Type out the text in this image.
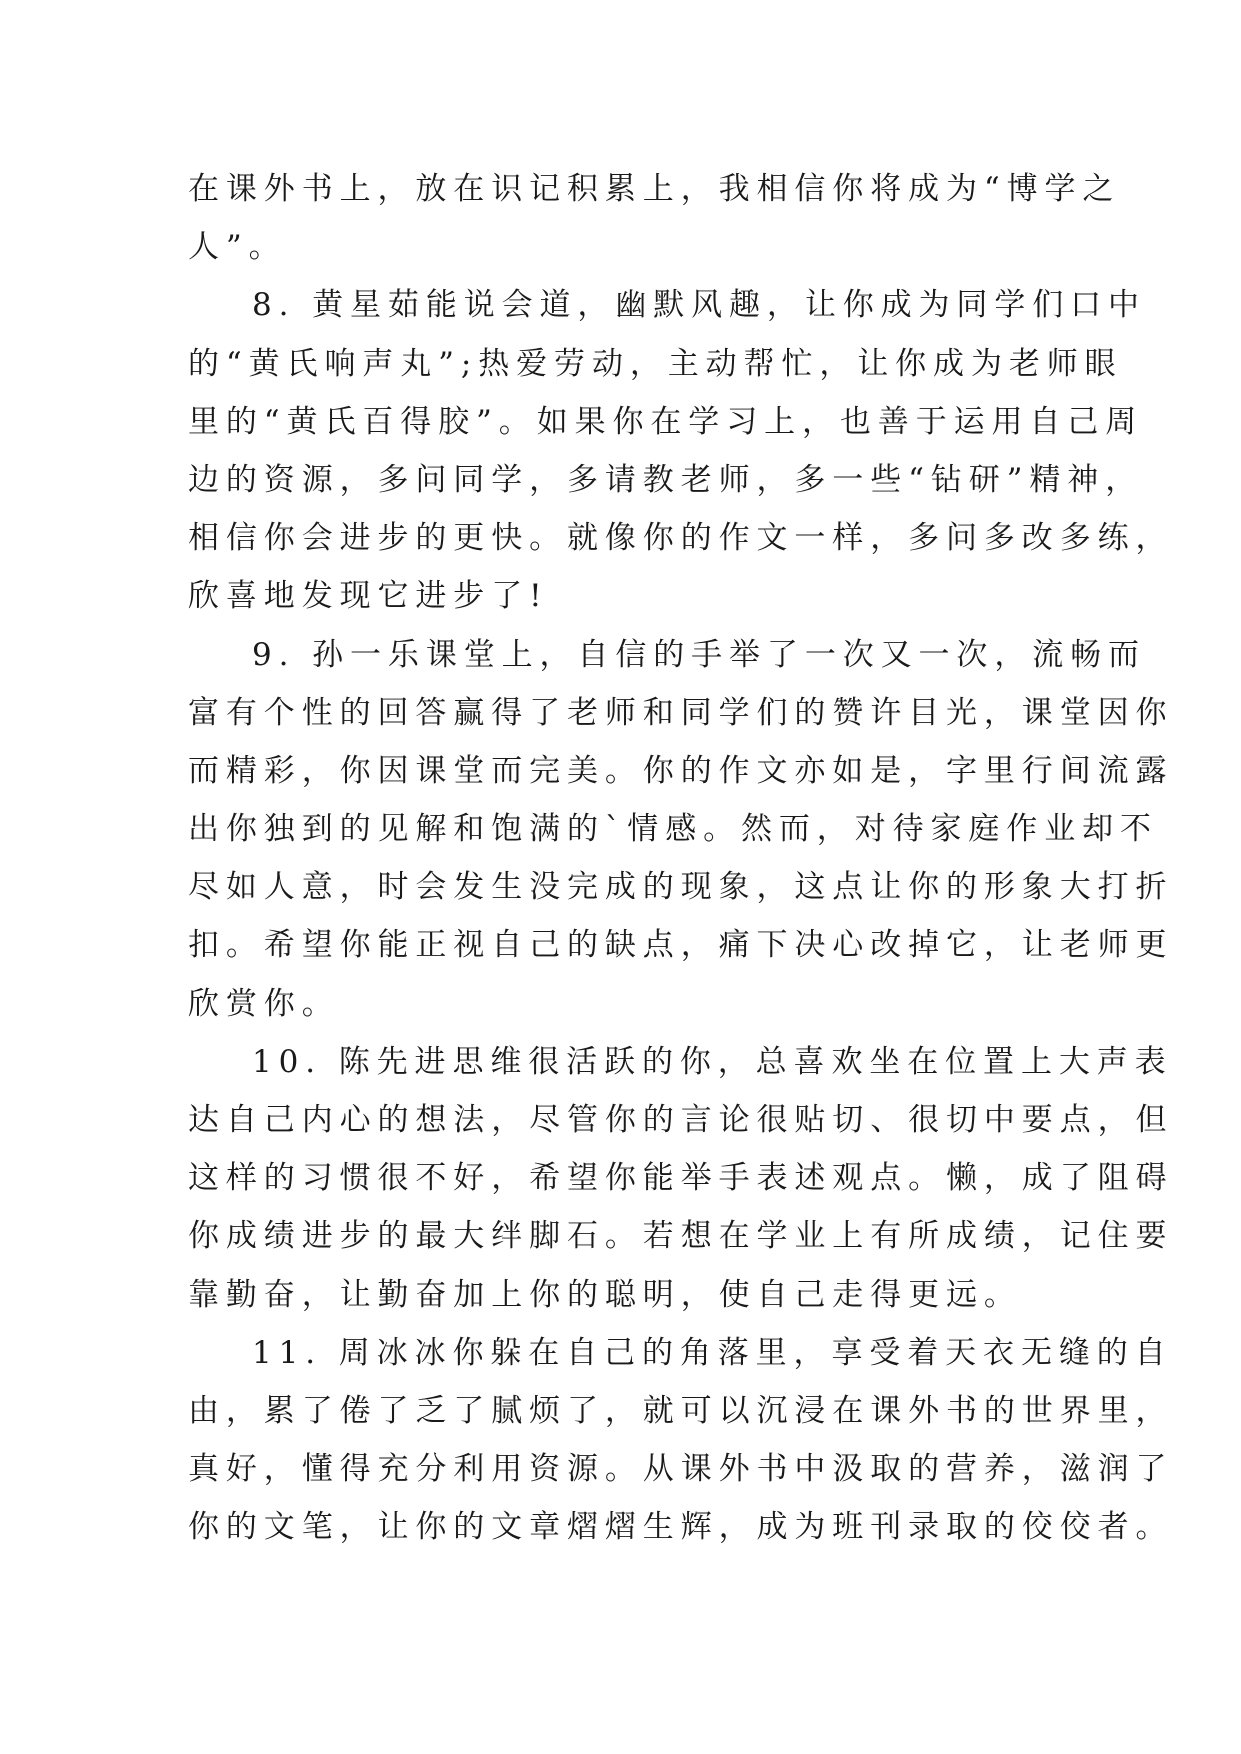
在课外书上，放在识记积累上，我相信你将成为“博学之
人”。
8. 黄星茹能说会道，幽默风趣，让你成为同学们口中
的“黄氏响声丸”;热爱劳动，主动帮忙，让你成为老师眼
里的“黄氏百得胶”。如果你在学习上，也善于运用自己周
边的资源，多问同学，多请教老师，多一些“钻研”精神，
相信你会进步的更快。就像你的作文一样，多问多改多练，
欣喜地发现它进步了!
9. 孙一乐课堂上，自信的手举了一次又一次，流畅而
富有个性的回答赢得了老师和同学们的赞许目光，课堂因你
而精彩，你因课堂而完美。你的作文亦如是，字里行间流露
出你独到的见解和饱满的`情感。然而，对待家庭作业却不
尽如人意，时会发生没完成的现象，这点让你的形象大打折
扣。希望你能正视自己的缺点，痛下决心改掉它，让老师更
欣赏你。
10. 陈先进思维很活跃的你，总喜欢坐在位置上大声表
达自己内心的想法，尽管你的言论很贴切、很切中要点，但
这样的习惯很不好，希望你能举手表述观点。懒，成了阻碍
你成绩进步的最大绊脚石。若想在学业上有所成绩，记住要
靠勤奋，让勤奋加上你的聪明，使自己走得更远。
11. 周冰冰你躲在自己的角落里，享受着天衣无缝的自
由，累了倦了乏了腻烦了，就可以沉浸在课外书的世界里，
真好，懂得充分利用资源。从课外书中汲取的营养，滋润了
你的文笔，让你的文章熠熠生辉，成为班刊录取的佼佼者。
